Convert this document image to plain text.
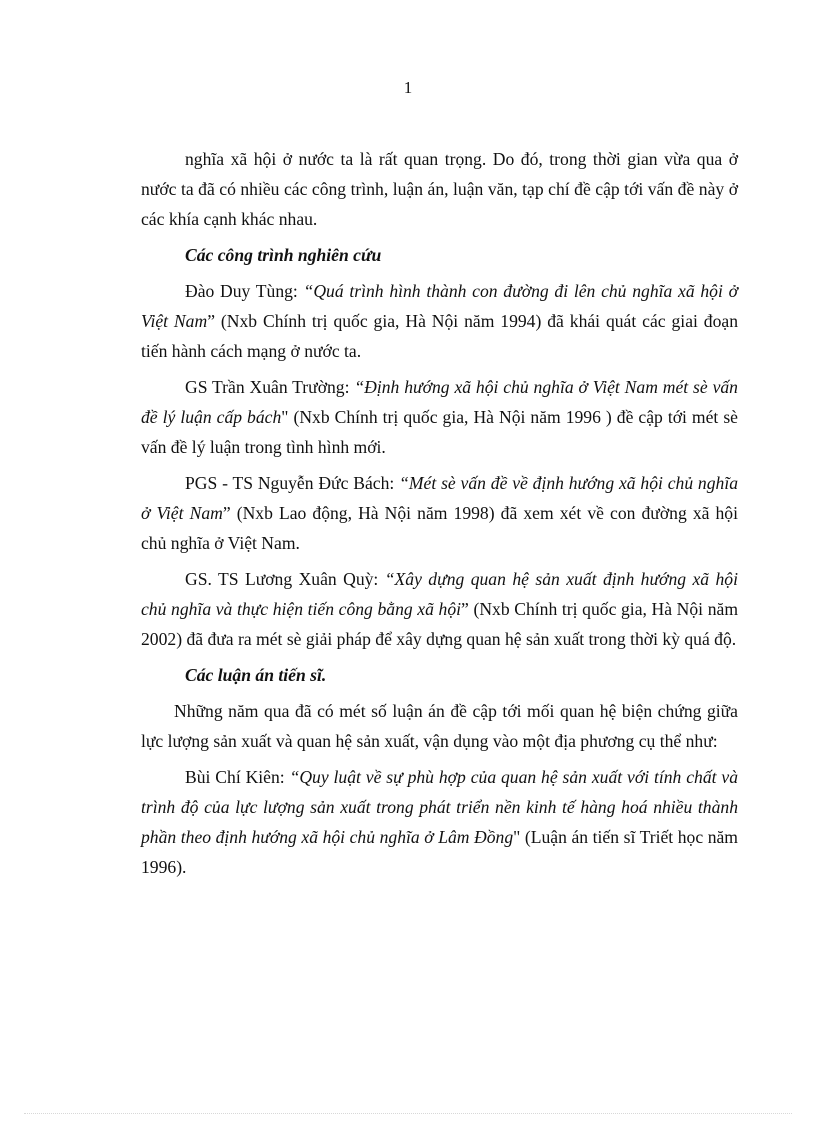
1

nghĩa xã hội ở nước ta là rất quan trọng. Do đó, trong thời gian vừa qua ở nước ta đã có nhiều các công trình, luận án, luận văn, tạp chí đề cập tới vấn đề này ở các khía cạnh khác nhau.

Các công trình nghiên cứu

Đào Duy Tùng: “Quá trình hình thành con đường đi lên chủ nghĩa xã hội ở Việt Nam” (Nxb Chính trị quốc gia, Hà Nội năm 1994) đã khái quát các giai đoạn tiến hành cách mạng ở nước ta.

GS Trần Xuân Trường: “Định hướng xã hội chủ nghĩa ở Việt Nam mét sè vấn đề lý luận cấp bách" (Nxb Chính trị quốc gia, Hà Nội năm 1996 ) đề cập tới mét sè vấn đề lý luận trong tình hình mới.

PGS - TS Nguyễn Đức Bách: “Mét sè vấn đề về định hướng xã hội chủ nghĩa ở Việt Nam” (Nxb Lao động, Hà Nội năm 1998) đã xem xét về con đường xã hội chủ nghĩa ở Việt Nam.

GS. TS Lương Xuân Quỳ: “Xây dựng quan hệ sản xuất định hướng xã hội chủ nghĩa và thực hiện tiến công bằng xã hội” (Nxb Chính trị quốc gia, Hà Nội năm 2002) đã đưa ra mét sè giải pháp để xây dựng quan hệ sản xuất trong thời kỳ quá độ.

Các luận án tiến sĩ.

Những năm qua đã có mét số luận án đề cập tới mối quan hệ biện chứng giữa lực lượng sản xuất và quan hệ sản xuất, vận dụng vào một địa phương cụ thể như:

Bùi Chí Kiên: “Quy luật về sự phù hợp của quan hệ sản xuất với tính chất và trình độ của lực lượng sản xuất trong phát triển nền kinh tế hàng hoá nhiều thành phần theo định hướng xã hội chủ nghĩa ở Lâm Đồng" (Luận án tiến sĩ Triết học năm 1996).
